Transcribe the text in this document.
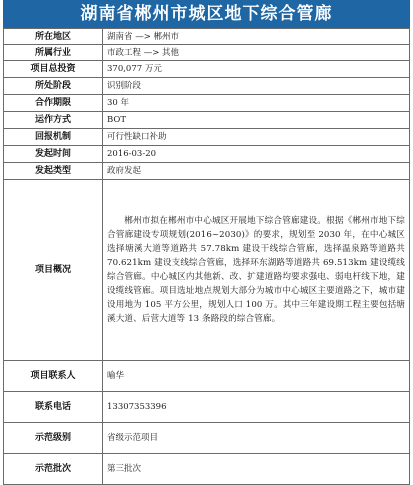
湖南省郴州市城区地下综合管廊
所在地区	湖南省 —> 郴州市
所属行业	市政工程 —> 其他
项目总投资	370,077 万元
所处阶段	识别阶段
合作期限	30 年
运作方式	BOT
回报机制	可行性缺口补助
发起时间	2016-03-20
发起类型	政府发起
项目概况	郴州市拟在郴州市中心城区开展地下综合管廊建设。根据《郴州市地下综合管廊建设专项规划(2016~2030)》的要求，规划至 2030 年，在中心城区选择塘溪大道等道路共 57.78km 建设干线综合管廊，选择温泉路等道路共 70.621km 建设支线综合管廊，选择环东湖路等道路共 69.513km 建设缆线综合管廊。中心城区内其他新、改、扩建道路均要求强电、弱电杆线下地，建设缆线管廊。项目选址地点规划大部分为城市中心城区主要道路之下，城市建设用地为 105 平方公里，规划人口 100 万。其中三年建设期工程主要包括塘溪大道、后营大道等 13 条路段的综合管廊。
项目联系人	喻华
联系电话	13307353396
示范级别	省级示范项目
示范批次	第三批次
